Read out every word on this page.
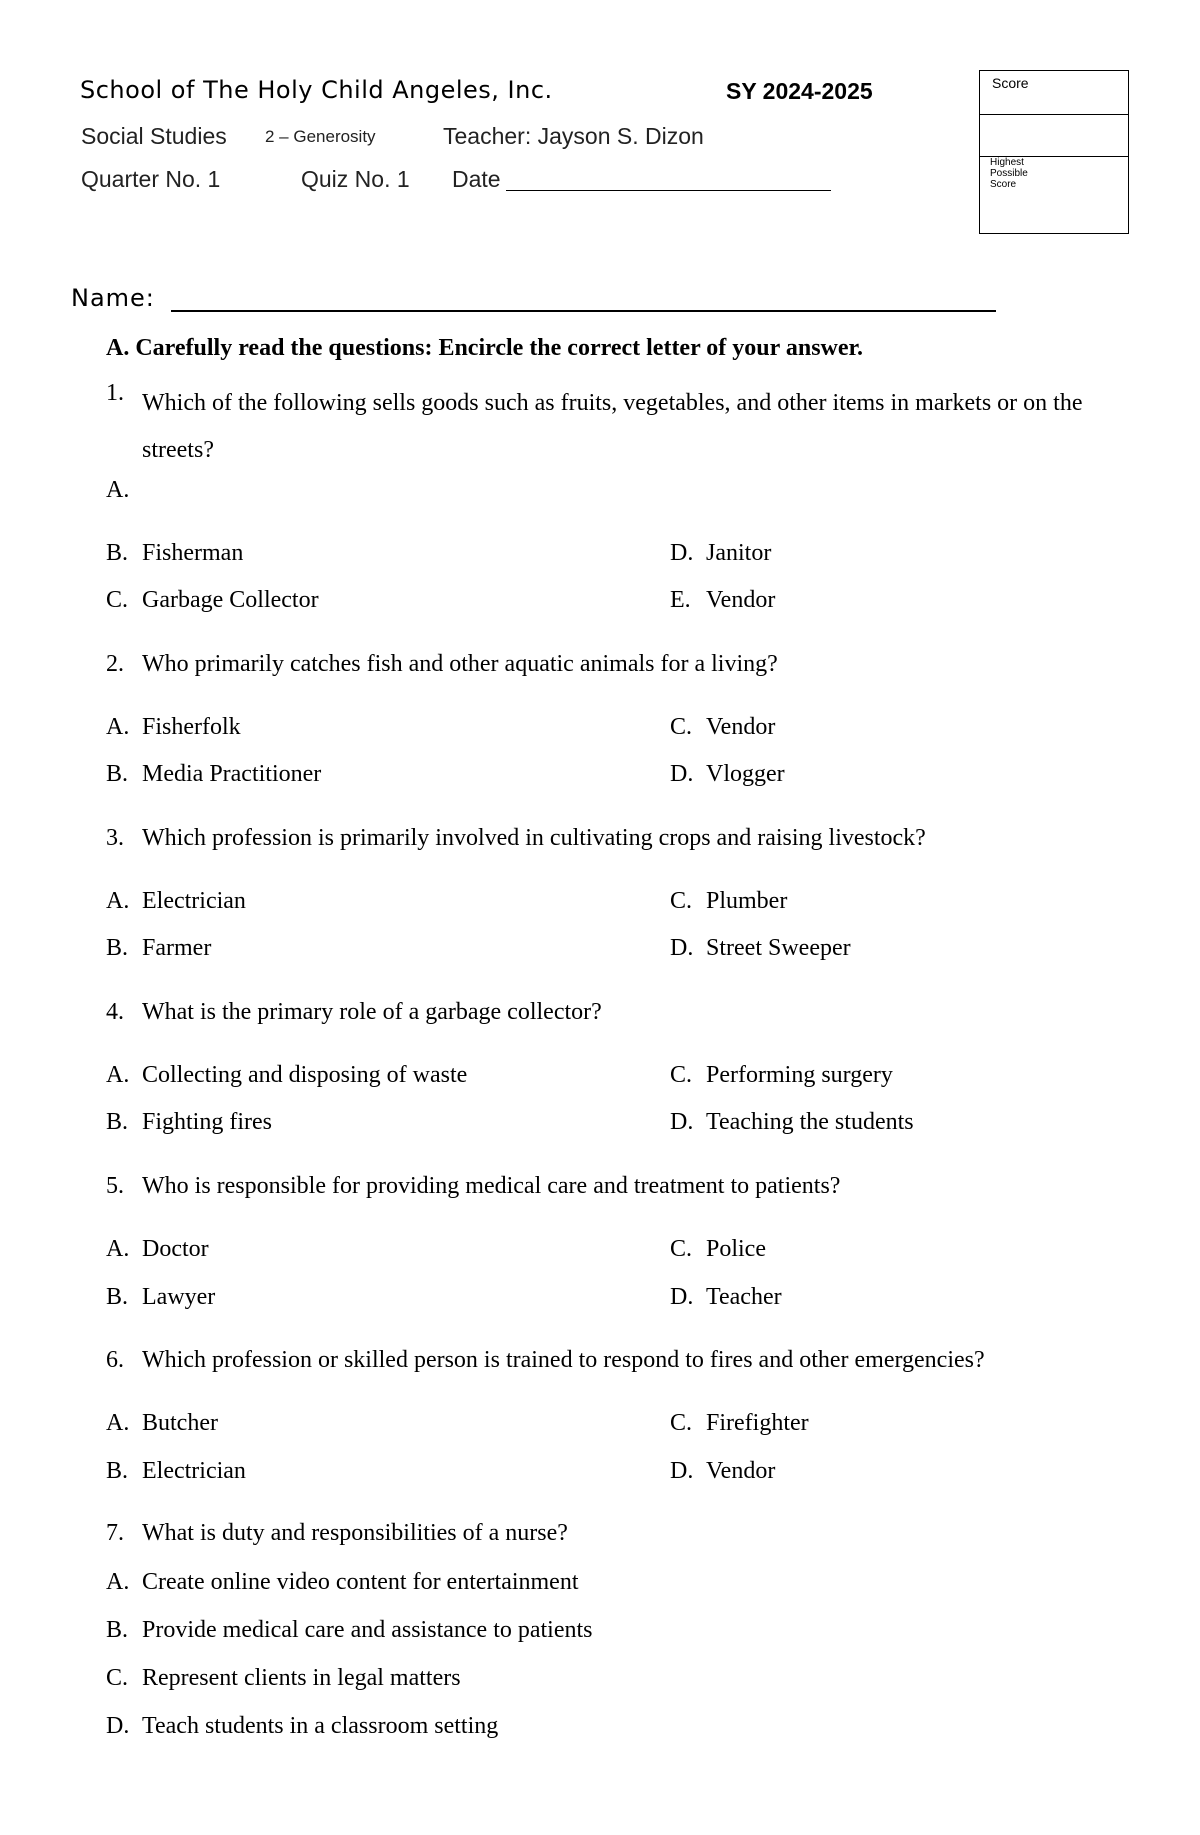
School of The Holy Child Angeles, Inc.	SY 2024-2025
Social Studies 2 – Generosity	Teacher: Jayson S. Dizon
Quarter No. 1	Quiz No. 1 Date
Score
Highest
Possible
Score
Name:
A. Carefully read the questions: Encircle the correct letter of your answer.
1. Which of the following sells goods such as fruits, vegetables, and other items in markets or on the streets?
A.
B. Fisherman
C. Garbage Collector
D. Janitor
E. Vendor
2. Who primarily catches fish and other aquatic animals for a living?
A. Fisherfolk
B. Media Practitioner
C. Vendor
D. Vlogger
3. Which profession is primarily involved in cultivating crops and raising livestock?
A. Electrician
B. Farmer
C. Plumber
D. Street Sweeper
4. What is the primary role of a garbage collector?
A. Collecting and disposing of waste
B. Fighting fires
C. Performing surgery
D. Teaching the students
5. Who is responsible for providing medical care and treatment to patients?
A. Doctor
B. Lawyer
C. Police
D. Teacher
6. Which profession or skilled person is trained to respond to fires and other emergencies?
A. Butcher
B. Electrician
C. Firefighter
D. Vendor
7. What is duty and responsibilities of a nurse?
A. Create online video content for entertainment
B. Provide medical care and assistance to patients
C. Represent clients in legal matters
D. Teach students in a classroom setting
